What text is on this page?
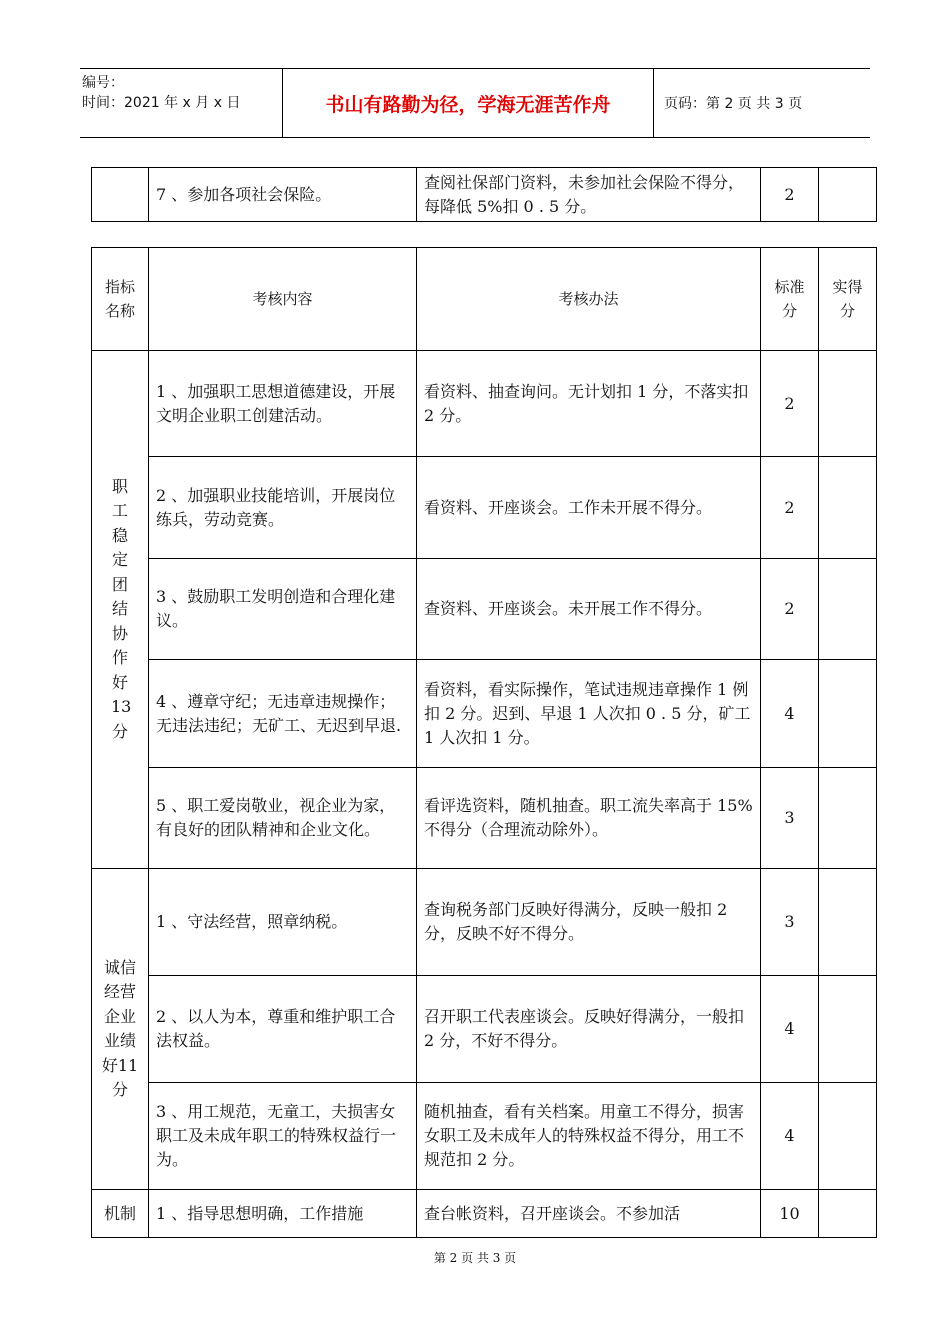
编号：
时间：2021 年 x 月 x 日	书山有路勤为径，学海无涯苦作舟	页码：第 2 页 共 3 页
	7 、参加各项社会保险。	查阅社保部门资料，未参加社会保险不得分，每降低 5%扣 0 . 5 分。	2	
指标名称	考核内容	考核办法	标准分	实得分

职工稳定团结协作好13分	1 、加强职工思想道德建设，开展文明企业职工创建活动。	看资料、抽查询问。无计划扣 1 分，不落实扣 2 分。	2	
	2 、加强职业技能培训，开展岗位练兵，劳动竞赛。	看资料、开座谈会。工作未开展不得分。	2	
	3 、鼓励职工发明创造和合理化建议。	查资料、开座谈会。未开展工作不得分。	2	
	4 、遵章守纪；无违章违规操作；无违法违纪；无矿工、无迟到早退.	看资料，看实际操作，笔试违规违章操作 1 例扣 2 分。迟到、早退 1 人次扣 0 . 5 分，矿工 1 人次扣 1 分。	4	
	5 、职工爱岗敬业，视企业为家，有良好的团队精神和企业文化。	看评选资料，随机抽查。职工流失率高于 15%不得分（合理流动除外）。	3	

诚信经营企业业绩好11分	1 、守法经营，照章纳税。	查询税务部门反映好得满分，反映一般扣 2 分，反映不好不得分。	3	
	2 、以人为本，尊重和维护职工合法权益。	召开职工代表座谈会。反映好得满分，一般扣 2 分，不好不得分。	4	
	3 、用工规范，无童工，夫损害女职工及未成年职工的特殊权益行一为。	随机抽查，看有关档案。用童工不得分，损害女职工及未成年人的特殊权益不得分，用工不规范扣 2 分。	4	
机制	1 、指导思想明确，工作措施	查台帐资料，召开座谈会。不参加活	10	
第 2 页 共 3 页
